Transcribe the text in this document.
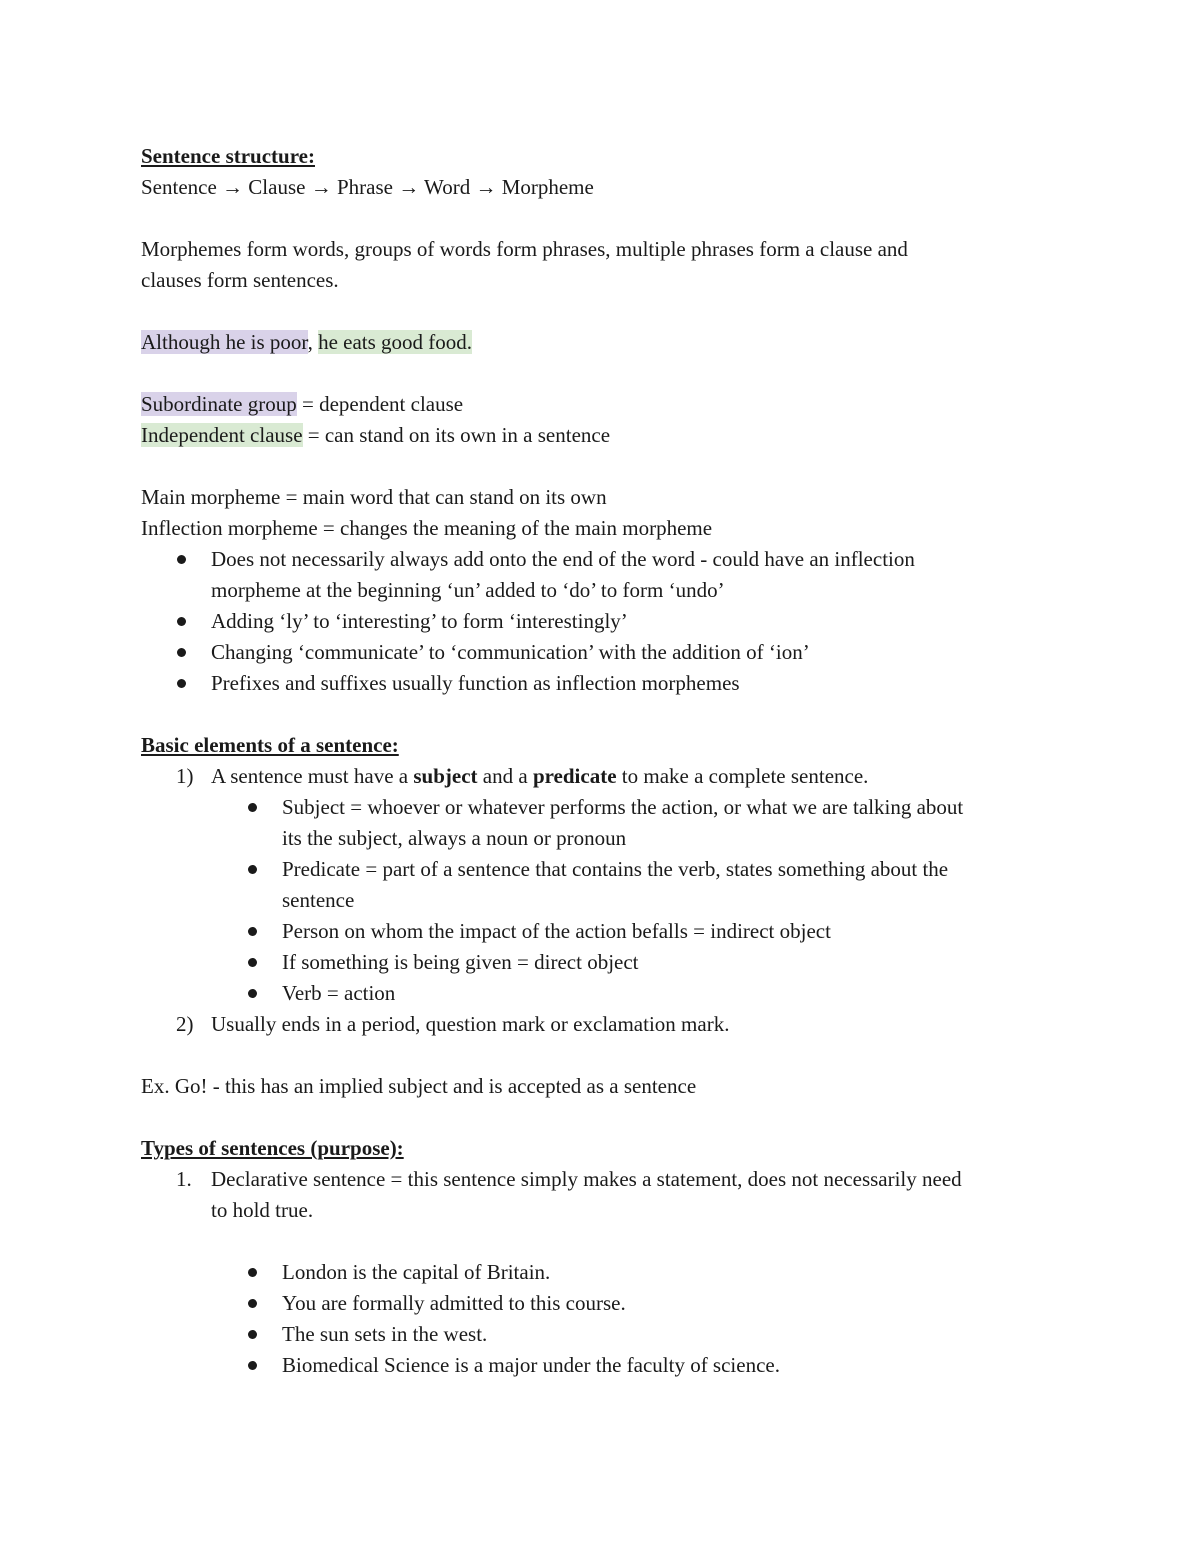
Sentence structure:
Sentence → Clause → Phrase → Word → Morpheme
Morphemes form words, groups of words form phrases, multiple phrases form a clause and
clauses form sentences.
Although he is poor, he eats good food.
Subordinate group = dependent clause
Independent clause = can stand on its own in a sentence
Main morpheme = main word that can stand on its own
Inflection morpheme = changes the meaning of the main morpheme
Does not necessarily always add onto the end of the word - could have an inflection
morpheme at the beginning ‘un’ added to ‘do’ to form ‘undo’
Adding ‘ly’ to ‘interesting’ to form ‘interestingly’
Changing ‘communicate’ to ‘communication’ with the addition of ‘ion’
Prefixes and suffixes usually function as inflection morphemes
Basic elements of a sentence:
1) A sentence must have a subject and a predicate to make a complete sentence.
Subject = whoever or whatever performs the action, or what we are talking about
its the subject, always a noun or pronoun
Predicate = part of a sentence that contains the verb, states something about the
sentence
Person on whom the impact of the action befalls = indirect object
If something is being given = direct object
Verb = action
2) Usually ends in a period, question mark or exclamation mark.
Ex. Go! - this has an implied subject and is accepted as a sentence
Types of sentences (purpose):
1. Declarative sentence = this sentence simply makes a statement, does not necessarily need
to hold true.
London is the capital of Britain.
You are formally admitted to this course.
The sun sets in the west.
Biomedical Science is a major under the faculty of science.
